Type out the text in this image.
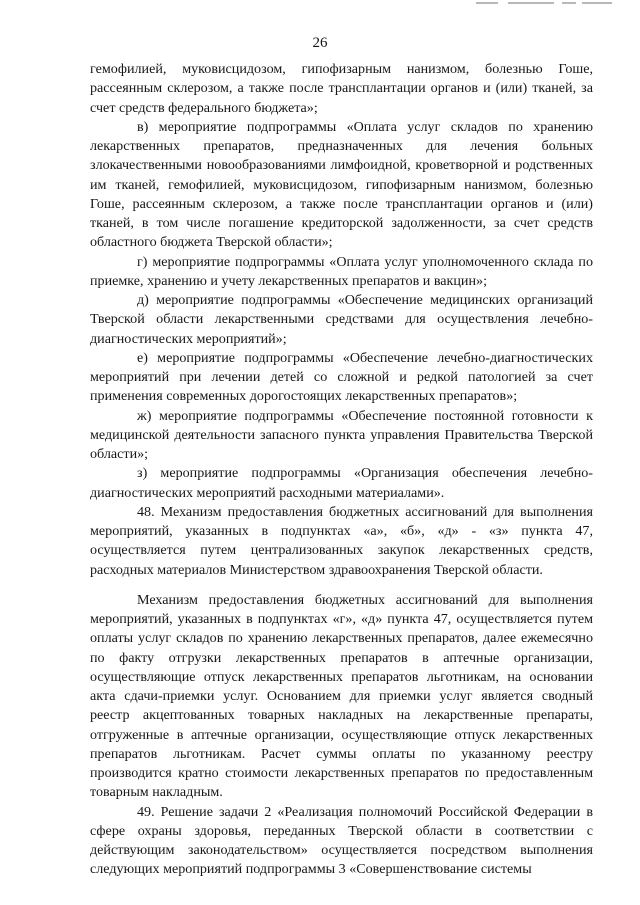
26

гемофилией, муковисцидозом, гипофизарным нанизмом, болезнью Гоше, рассеянным склерозом, а также после трансплантации органов и (или) тканей, за счет средств федерального бюджета»;

в) мероприятие подпрограммы «Оплата услуг складов по хранению лекарственных препаратов, предназначенных для лечения больных злокачественными новообразованиями лимфоидной, кроветворной и родственных им тканей, гемофилией, муковисцидозом, гипофизарным нанизмом, болезнью Гоше, рассеянным склерозом, а также после трансплантации органов и (или) тканей, в том числе погашение кредиторской задолженности, за счет средств областного бюджета Тверской области»;

г) мероприятие подпрограммы «Оплата услуг уполномоченного склада по приемке, хранению и учету лекарственных препаратов и вакцин»;

д) мероприятие подпрограммы «Обеспечение медицинских организаций Тверской области лекарственными средствами для осуществления лечебно-диагностических мероприятий»;

е) мероприятие подпрограммы «Обеспечение лечебно-диагностических мероприятий при лечении детей со сложной и редкой патологией за счет применения современных дорогостоящих лекарственных препаратов»;

ж) мероприятие подпрограммы «Обеспечение постоянной готовности к медицинской деятельности запасного пункта управления Правительства Тверской области»;

з) мероприятие подпрограммы «Организация обеспечения лечебно-диагностических мероприятий расходными материалами».

48. Механизм предоставления бюджетных ассигнований для выполнения мероприятий, указанных в подпунктах «а», «б», «д» - «з» пункта 47, осуществляется путем централизованных закупок лекарственных средств, расходных материалов Министерством здравоохранения Тверской области.

Механизм предоставления бюджетных ассигнований для выполнения мероприятий, указанных в подпунктах «г», «д» пункта 47, осуществляется путем оплаты услуг складов по хранению лекарственных препаратов, далее ежемесячно по факту отгрузки лекарственных препаратов в аптечные организации, осуществляющие отпуск лекарственных препаратов льготникам, на основании акта сдачи-приемки услуг. Основанием для приемки услуг является сводный реестр акцептованных товарных накладных на лекарственные препараты, отгруженные в аптечные организации, осуществляющие отпуск лекарственных препаратов льготникам. Расчет суммы оплаты по указанному реестру производится кратно стоимости лекарственных препаратов по предоставленным товарным накладным.

49. Решение задачи 2 «Реализация полномочий Российской Федерации в сфере охраны здоровья, переданных Тверской области в соответствии с действующим законодательством» осуществляется посредством выполнения следующих мероприятий подпрограммы 3 «Совершенствование системы
